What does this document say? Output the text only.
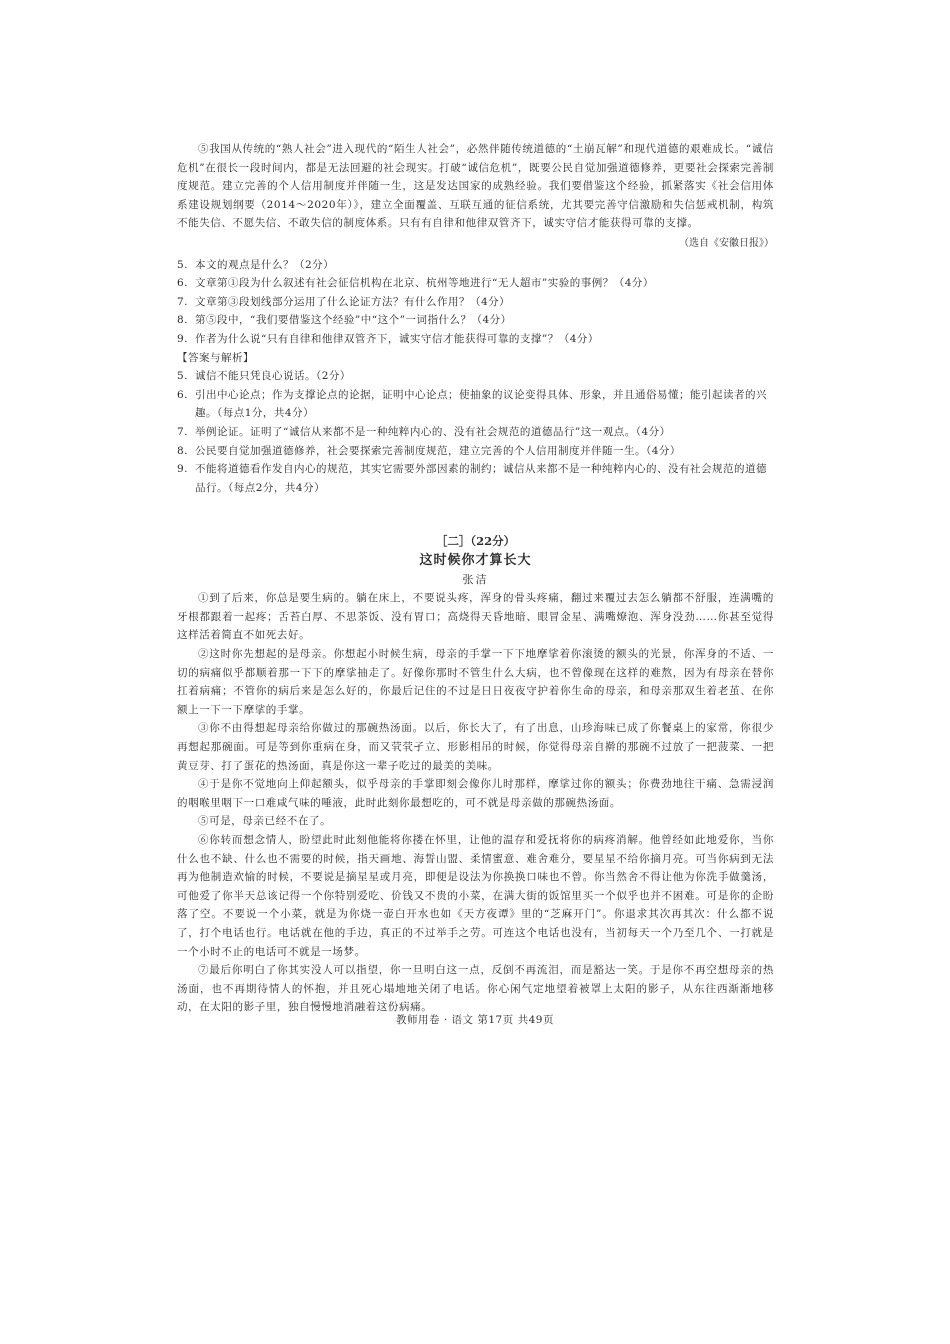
⑤我国从传统的“熟人社会”进入现代的“陌生人社会”，必然伴随传统道德的“土崩瓦解”和现代道德的艰难成长。“诚信危机”在很长一段时间内，都是无法回避的社会现实。打破“诚信危机”，既要公民自觉加强道德修养，更要社会探索完善制度规范。建立完善的个人信用制度并伴随一生，这是发达国家的成熟经验。我们要借鉴这个经验，抓紧落实《社会信用体系建设规划纲要（2014～2020年）》，建立全面覆盖、互联互通的征信系统，尤其要完善守信激励和失信惩戒机制，构筑不能失信、不愿失信、不敢失信的制度体系。只有有自律和他律双管齐下，诚实守信才能获得可靠的支撑。

（选自《安徽日报》）

5. 本文的观点是什么？（2分）

6. 文章第①段为什么叙述有社会征信机构在北京、杭州等地进行“无人超市”实验的事例？（4分）

7. 文章第③段划线部分运用了什么论证方法？有什么作用？（4分）

8. 第⑤段中，“我们要借鉴这个经验”中“这个”一词指什么？（4分）

9. 作者为什么说“只有自律和他律双管齐下，诚实守信才能获得可靠的支撑”？（4分）

【答案与解析】

5. 诚信不能只凭良心说话。（2分）

6. 引出中心论点；作为支撑论点的论据，证明中心论点；使抽象的议论变得具体、形象，并且通俗易懂；能引起读者的兴趣。（每点1分，共4分）

7. 举例论证。证明了“诚信从来都不是一种纯粹内心的、没有社会规范的道德品行”这一观点。（4分）

8. 公民要自觉加强道德修养，社会要探索完善制度规范，建立完善的个人信用制度并伴随一生。（4分）

9. 不能将道德看作发自内心的规范，其实它需要外部因素的制约；诚信从来都不是一种纯粹内心的、没有社会规范的道德品行。（每点2分，共4分）

［二］（22分）

这时候你才算长大

张洁

①到了后来，你总是要生病的。躺在床上，不要说头疼，浑身的骨头疼痛，翻过来覆过去怎么躺都不舒服，连满嘴的牙根都跟着一起疼；舌苔白厚、不思茶饭、没有胃口；高烧得天昏地暗、眼冒金星、满嘴燎泡、浑身没劲……你甚至觉得这样活着简直不如死去好。

②这时你先想起的是母亲。你想起小时候生病，母亲的手掌一下下地摩挲着你滚烫的额头的光景，你浑身的不适、一切的病痛似乎都顺着那一下下的摩挲抽走了。好像你那时不管生什么大病，也不曾像现在这样的难熬，因为有母亲在替你扛着病痛；不管你的病后来是怎么好的，你最后记住的不过是日日夜夜守护着你生命的母亲，和母亲那双生着老茧、在你额上一下一下摩挲的手掌。

③你不由得想起母亲给你做过的那碗热汤面。以后，你长大了，有了出息，山珍海味已成了你餐桌上的家常，你很少再想起那碗面。可是等到你重病在身，而又茕茕孑立、形影相吊的时候，你觉得母亲自擀的那碗不过放了一把菠菜、一把黄豆芽、打了蛋花的热汤面，真是你这一辈子吃过的最美的美味。

④于是你不觉地向上仰起额头，似乎母亲的手掌即刻会像你儿时那样，摩挲过你的额头；你费劲地往干痛、急需浸润的咽喉里咽下一口难咸气味的唾液，此时此刻你最想吃的，可不就是母亲做的那碗热汤面。

⑤可是，母亲已经不在了。

⑥你转而想念情人，盼望此时此刻他能将你搂在怀里，让他的温存和爱抚将你的病疼消解。他曾经如此地爱你，当你什么也不缺、什么也不需要的时候，指天画地、海誓山盟、柔情蜜意、难舍难分，要星星不给你摘月亮。可当你病到无法再为他制造欢愉的时候，不要说是摘星星或月亮，即便是设法为你换换口味也不曾。你当然舍不得让他为你洗手做羹汤，可他爱了你半天总该记得一个你特别爱吃、价钱又不贵的小菜，在满大街的饭馆里买一个似乎也并不困难。可是你的企盼落了空。不要说一个小菜，就是为你烧一壶白开水也如《天方夜谭》里的“芝麻开门”。你退求其次再其次：什么都不说了，打个电话也行。电话就在他的手边，真正的不过举手之劳。可连这个电话也没有，当初每天一个乃至几个、一打就是一个小时不止的电话可不就是一场梦。

⑦最后你明白了你其实没人可以指望，你一旦明白这一点，反倒不再流泪，而是豁达一笑。于是你不再空想母亲的热汤面，也不再期待情人的怀抱，并且死心塌地地关闭了电话。你心闲气定地望着被罩上太阳的影子，从东往西渐渐地移动，在太阳的影子里，独自慢慢地消融着这份病痛。

教师用卷 · 语文 第17页 共49页
